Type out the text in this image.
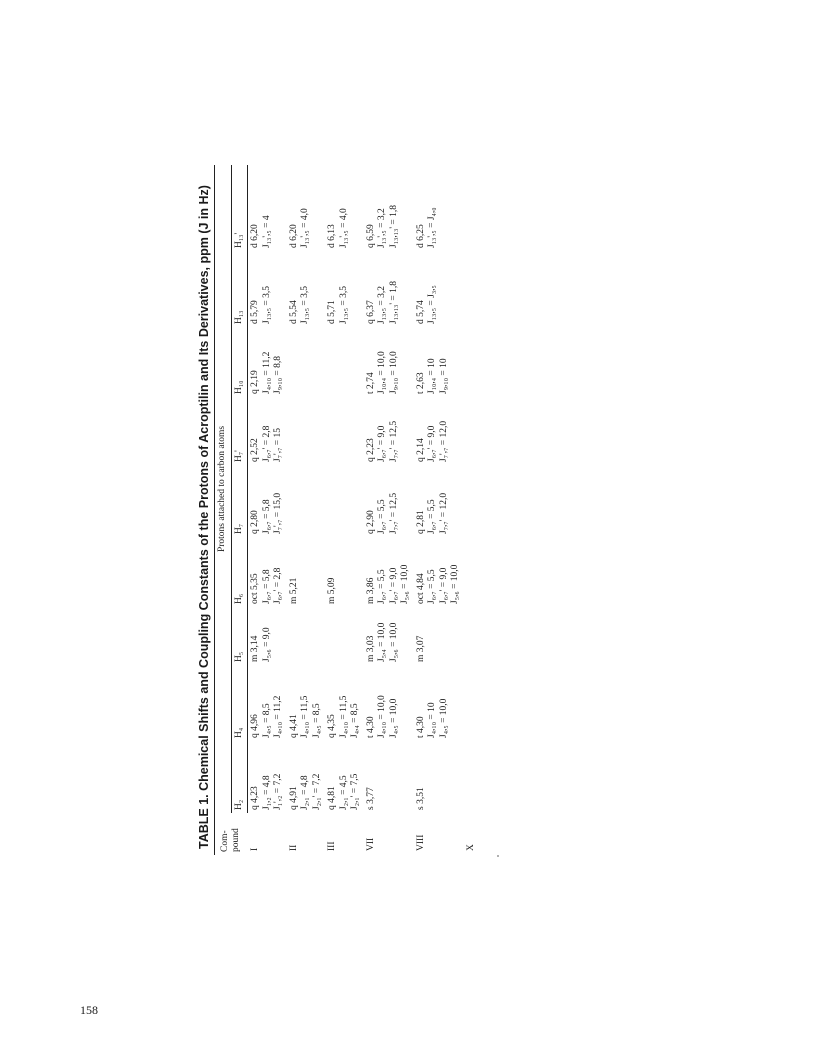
TABLE 1. Chemical Shifts and Coupling Constants of the Protons of Acroptilin and Its Derivatives, ppm (J in Hz) Com- pound	Protons attached to carbon atoms								
	H₂	H₄	H₅	H₆	H₇	H₇'	H₁₀	H₁₃	H₁₃'
I	q 4,23 J₁,₂ = 4,8 J₁',₂ = 7,2	q 4,96 J₄,₅ = 8,5 J₄,₁₀ = 11,2	m 3,14 J₅,₆ = 9,0	oct 5,35 J₆,₇ = 5,8 J₆,₇' = 2,8	q 2,80 J₆,₇ = 5,8 J₇',₇ = 15,0	q 2,52 J₆,₇' = 2,8 J₇',₇ = 15	q 2,19 J₄,₁₀ = 11,2 J₉,₁₀ = 8,8	d 5,79 J₁₃,₅ = 3,5	d 6,20 J₁₃',₅ = 4

II	q 4,91 J₂,₁ = 4,8 J₂,₁' = 7,2	q 4,41 J₄,₁₀ = 11,5 J₄,₅ = 8,5		m 5,21				d 5,54 J₁₃,₅ = 3,5	d 6,20 J₁₃',₅ = 4,0

III	q 4,81 J₂,₁ = 4,5 J₂,₁' = 7,5	q 4,35 J₄,₁₀ = 11,5 J₄,₄ = 8,5		m 5,09				d 5,71 J₁₃,₅ = 3,5	d 6,13 J₁₃',₅ = 4,0

VII	s 3,77	t 4,30 J₄,₁₀ = 10,0 J₄,₅ = 10,0	m 3,03 J₅,₄ = 10,0 J₅,₆ = 10,0	m 3,86 J₆,₇ = 5,5 J₆,₇' = 9,0 J₅,₆ = 10,0	q 2,90 J₆,₇ = 5,5 J₇,₇' = 12,5	q 2,23 J₆,₇' = 9,0 J₇,₇' = 12,5	t 2,74 J₁₀,₄ = 10,0 J₉,₁₀ = 10,0	q 6,37 J₁₃,₅ = 3,2 J₁₃,₁₃' = 1,8	q 6,59 J₁₃',₅ = 3,2 J₁₃,₁₃' = 1,8

VIII	s 3,51	t 4,30 J₄,₁₀ = 10 J₄,₅ = 10,0	m 3,07	oct 4,84 J₆,₇ = 5,5 J₆,₇' = 9,0 J₅,₆ = 10,0	q 2,81 J₆,₇ = 5,5 J₇,₇' = 12,0	q 2,14 J₆,₇' = 9,0 J₇',₇ = 12,0	t 2,63 J₁₀,₄ = 10 J₉,₁₀ = 10	d 5,74 J₁₃,₅ = J₃,₅	d 6,25 J₁₃',₅ = J₄,₀

X									
158
